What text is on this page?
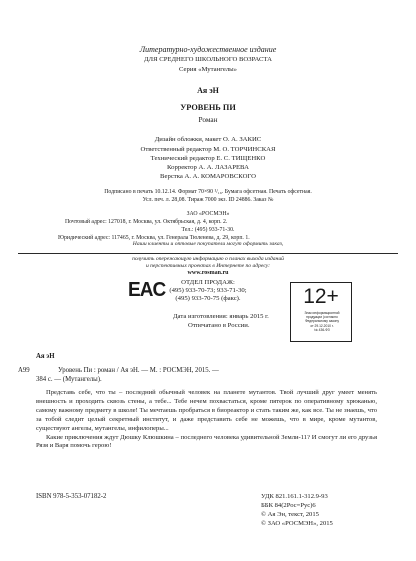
Литературно-художественное издание
ДЛЯ СРЕДНЕГО ШКОЛЬНОГО ВОЗРАСТА
Серия «Мутангелы»
Ая эН
УРОВЕНЬ ПИ
Роман
Дизайн обложки, макет О. А. ЗАКИС
Ответственный редактор М. О. ТОРЧИНСКАЯ
Технический редактор Е. С. ТИЩЕНКО
Корректор А. А. ЛАЗАРЕВА
Верстка А. А. КОМАРОВСКОГО
Подписано в печать 10.12.14. Формат 70×90 ¹/₁₆. Бумага офсетная. Печать офсетная.
Усл. печ. л. 28,08. Тираж 7000 экз. ID 24886. Заказ №
ЗАО «РОСМЭН»
Почтовый адрес: 127018, г. Москва, ул. Октябрьская, д. 4, корп. 2.
Тел.: (495) 933-71-30.
Юридический адрес: 117465, г. Москва, ул. Генерала Тюленева, д. 29, корп. 1.
Наши клиенты и оптовые покупатели могут оформить заказ,
получить опережающую информацию о планах выхода изданий
и перспективных проектах в Интернете по адресу:
www.rosman.ru
EAC	ОТДЕЛ ПРОДАЖ:
(495) 933-70-73; 933-71-30;
(495) 933-70-75 (факс).	12+
Знак информационной
продукции (согласно
Федеральному закону
от 29.12.2010 г.
№ 436-ФЗ
Дата изготовления: январь 2015 г.
Отпечатано в России.
Ая эН
А99	Уровень Пи : роман / Ая эН. — М. : РОСМЭН, 2015. —
384 с. — (Мутангелы).

Представь себе, что ты – последний обычный человек на планете мутантов. Твой лучший друг умеет менять внешность и проходить сквозь стены, а тебе... Тебе нечем похвастаться, кроме пятерок по оперативному хрюканью, самому важному предмету в школе! Ты мечтаешь пробраться в биореактор и стать таким же, как все. Ты не знаешь, что за тобой следит целый секретный институт, и даже представить себе не можешь, что в мире, кроме мутантов, существуют ангелы, мутангелы, инфилоперы...

Какие приключения ждут Дюшку Клюшкина – последнего человека удивительной Земли-11? И смогут ли его друзья Рязя и Варя помочь герою!

ISBN 978-5-353-07182-2	УДК 821.161.1-312.9-93
ББК 84(2Рос=Рус)6
© Ая Эн, текст, 2015
© ЗАО «РОСМЭН», 2015
